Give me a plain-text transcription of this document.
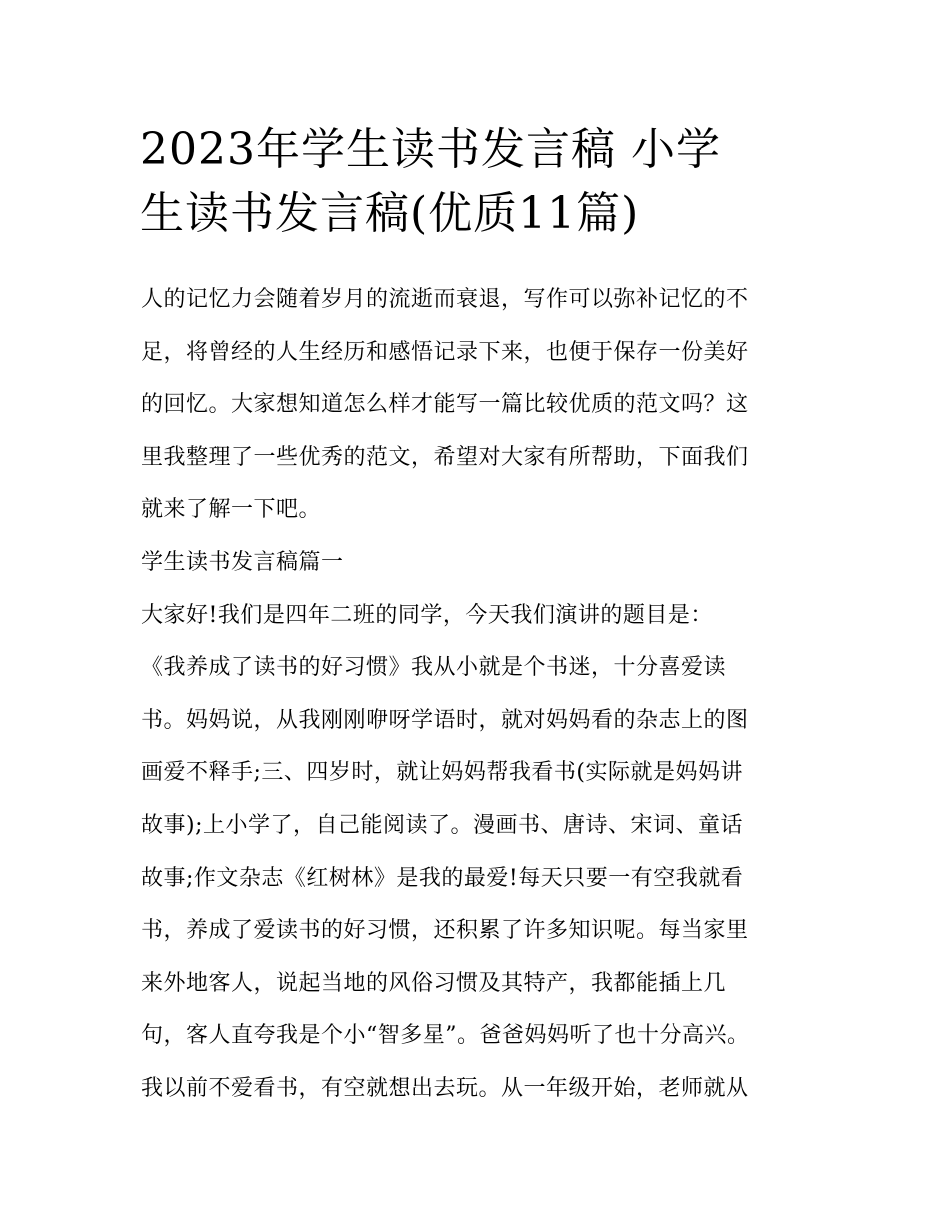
2023年学生读书发言稿 小学
生读书发言稿(优质11篇)
人的记忆力会随着岁月的流逝而衰退，写作可以弥补记忆的不
足，将曾经的人生经历和感悟记录下来，也便于保存一份美好
的回忆。大家想知道怎么样才能写一篇比较优质的范文吗？这
里我整理了一些优秀的范文，希望对大家有所帮助，下面我们
就来了解一下吧。
学生读书发言稿篇一
大家好!我们是四年二班的同学，今天我们演讲的题目是：
《我养成了读书的好习惯》我从小就是个书迷，十分喜爱读
书。妈妈说，从我刚刚咿呀学语时，就对妈妈看的杂志上的图
画爱不释手;三、四岁时，就让妈妈帮我看书(实际就是妈妈讲
故事);上小学了，自己能阅读了。漫画书、唐诗、宋词、童话
故事;作文杂志《红树林》是我的最爱!每天只要一有空我就看
书，养成了爱读书的好习惯，还积累了许多知识呢。每当家里
来外地客人，说起当地的风俗习惯及其特产，我都能插上几
句，客人直夸我是个小“智多星”。爸爸妈妈听了也十分高兴。
我以前不爱看书，有空就想出去玩。从一年级开始，老师就从
